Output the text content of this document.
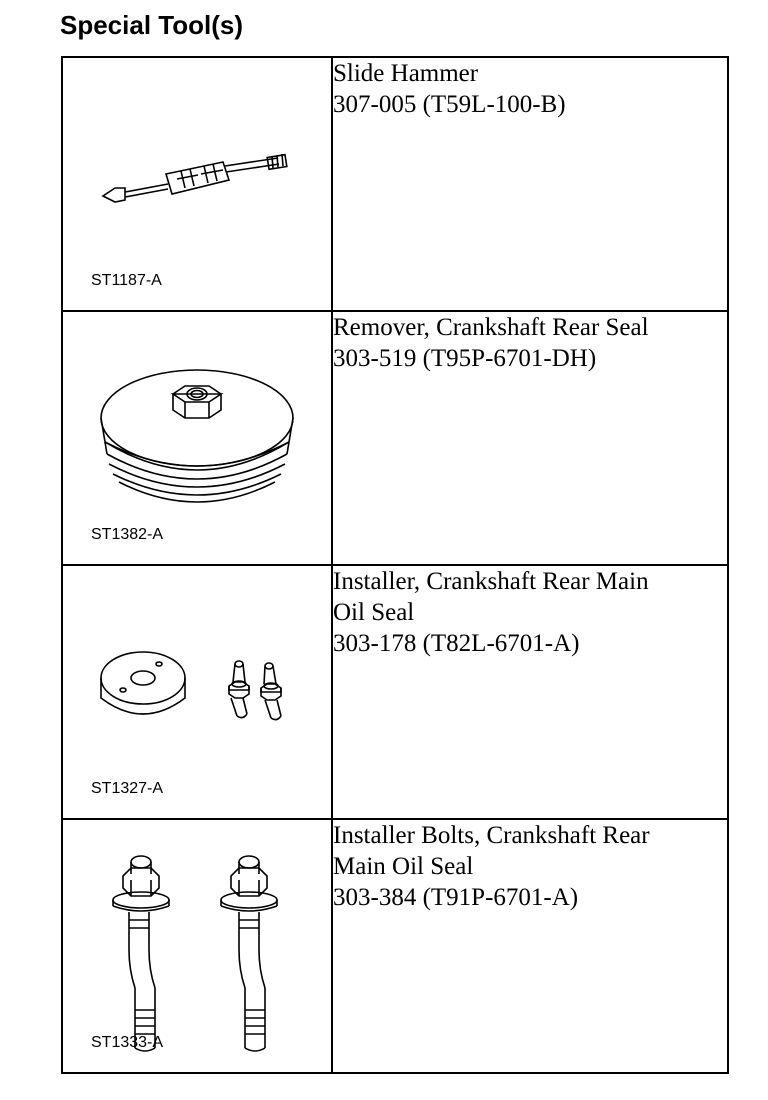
Special Tool(s)
ST1187-A	Slide Hammer
307-005 (T59L-100-B)

ST1382-A	Remover, Crankshaft Rear Seal
303-519 (T95P-6701-DH)

ST1327-A	Installer, Crankshaft Rear Main
Oil Seal
303-178 (T82L-6701-A)

ST1333-A	Installer Bolts, Crankshaft Rear
Main Oil Seal
303-384 (T91P-6701-A)
